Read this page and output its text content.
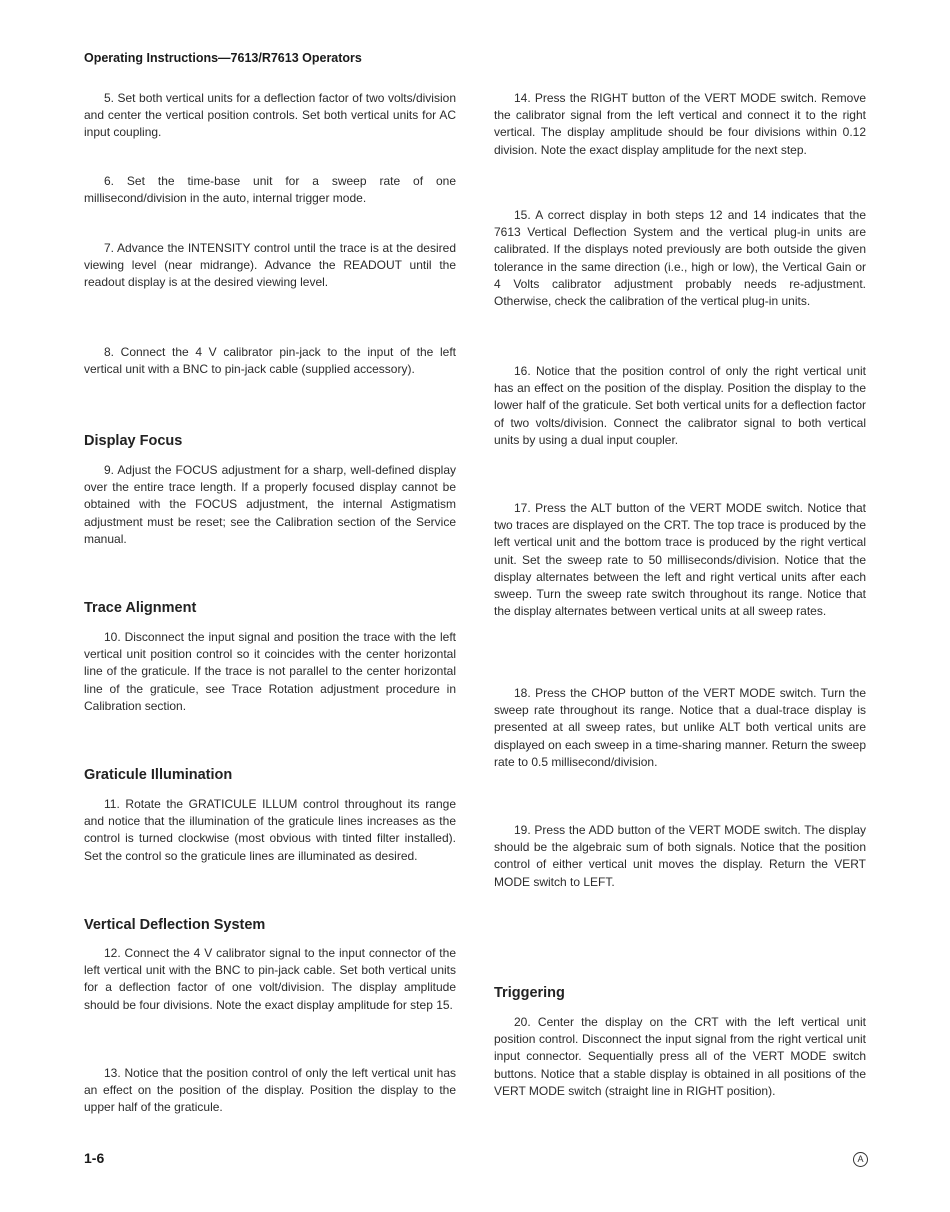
Operating Instructions—7613/R7613 Operators

5. Set both vertical units for a deflection factor of two volts/division and center the vertical position controls. Set both vertical units for AC input coupling.

6. Set the time-base unit for a sweep rate of one millisecond/division in the auto, internal trigger mode.

7. Advance the INTENSITY control until the trace is at the desired viewing level (near midrange). Advance the READOUT until the readout display is at the desired viewing level.

8. Connect the 4 V calibrator pin-jack to the input of the left vertical unit with a BNC to pin-jack cable (supplied accessory).

Display Focus

9. Adjust the FOCUS adjustment for a sharp, well-defined display over the entire trace length. If a properly focused display cannot be obtained with the FOCUS adjustment, the internal Astigmatism adjustment must be reset; see the Calibration section of the Service manual.

Trace Alignment

10. Disconnect the input signal and position the trace with the left vertical unit position control so it coincides with the center horizontal line of the graticule. If the trace is not parallel to the center horizontal line of the graticule, see Trace Rotation adjustment procedure in Calibration section.

Graticule Illumination

11. Rotate the GRATICULE ILLUM control throughout its range and notice that the illumination of the graticule lines increases as the control is turned clockwise (most obvious with tinted filter installed). Set the control so the graticule lines are illuminated as desired.

Vertical Deflection System

12. Connect the 4 V calibrator signal to the input connector of the left vertical unit with the BNC to pin-jack cable. Set both vertical units for a deflection factor of one volt/division. The display amplitude should be four divisions. Note the exact display amplitude for step 15.

13. Notice that the position control of only the left vertical unit has an effect on the position of the display. Position the display to the upper half of the graticule.

14. Press the RIGHT button of the VERT MODE switch. Remove the calibrator signal from the left vertical and connect it to the right vertical. The display amplitude should be four divisions within 0.12 division. Note the exact display amplitude for the next step.

15. A correct display in both steps 12 and 14 indicates that the 7613 Vertical Deflection System and the vertical plug-in units are calibrated. If the displays noted previously are both outside the given tolerance in the same direction (i.e., high or low), the Vertical Gain or 4 Volts calibrator adjustment probably needs re-adjustment. Otherwise, check the calibration of the vertical plug-in units.

16. Notice that the position control of only the right vertical unit has an effect on the position of the display. Position the display to the lower half of the graticule. Set both vertical units for a deflection factor of two volts/division. Connect the calibrator signal to both vertical units by using a dual input coupler.

17. Press the ALT button of the VERT MODE switch. Notice that two traces are displayed on the CRT. The top trace is produced by the left vertical unit and the bottom trace is produced by the right vertical unit. Set the sweep rate to 50 milliseconds/division. Notice that the display alternates between the left and right vertical units after each sweep. Turn the sweep rate switch throughout its range. Notice that the display alternates between vertical units at all sweep rates.

18. Press the CHOP button of the VERT MODE switch. Turn the sweep rate throughout its range. Notice that a dual-trace display is presented at all sweep rates, but unlike ALT both vertical units are displayed on each sweep in a time-sharing manner. Return the sweep rate to 0.5 millisecond/division.

19. Press the ADD button of the VERT MODE switch. The display should be the algebraic sum of both signals. Notice that the position control of either vertical unit moves the display. Return the VERT MODE switch to LEFT.

Triggering

20. Center the display on the CRT with the left vertical unit position control. Disconnect the input signal from the right vertical unit input connector. Sequentially press all of the VERT MODE switch buttons. Notice that a stable display is obtained in all positions of the VERT MODE switch (straight line in RIGHT position).

1-6	A
